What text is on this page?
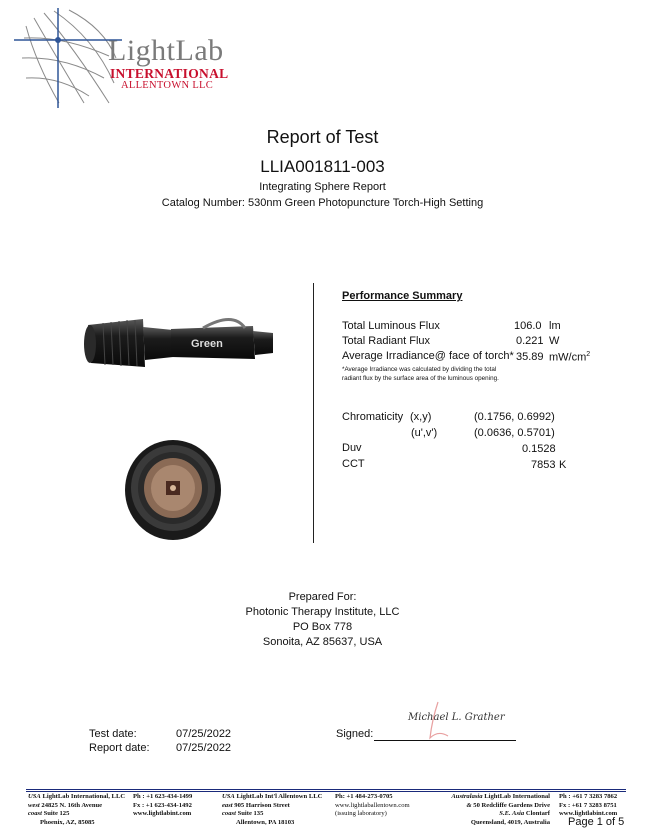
LightLab
INTERNATIONAL
ALLENTOWN LLC
Report of Test
LLIA001811-003
Integrating Sphere Report
Catalog Number: 530nm Green Photopuncture Torch-High Setting
Green
Performance Summary
Total Luminous Flux	106.0 lm
Total Radiant Flux	0.221 W
Average Irradiance@ face of torch* 35.89 $mW/cm^2$
*Average Irradiance was calculated by dividing the total
radiant flux by the surface area of the luminous opening.
Chromaticity (x,y)	(0.1756, 0.6992)
(u',v')	(0.0636, 0.5701)
Duv	0.1528
CCT	7853 K
Prepared For:
Photonic Therapy Institute, LLC
PO Box 778
Sonoita, AZ 85637, USA
Test date:	07/25/2022
Report date: 07/25/2022
Signed:
Michael L. Grather
USA LightLab International, LLC
west 24825 N. 16th Avenue
coast Suite 125
Phoenix, AZ, 85085
Ph : +1 623-434-1499
Fx : +1 623-434-1492
www.lightlabint.com
USA LightLab Int'l Allentown LLC
east 905 Harrison Street
coast Suite 135
Allentown, PA 18103
Ph: +1 484-273-0705
www.lightlaballentown.com
(issuing laboratory)
Australasia LightLab International
& 50 Redcliffe Gardens Drive
S.E. Asia Clontarf
Queensland, 4019, Australia
Ph : +61 7 3283 7862
Fx : +61 7 3283 8751
www.lightlabint.com
Page 1 of 5
